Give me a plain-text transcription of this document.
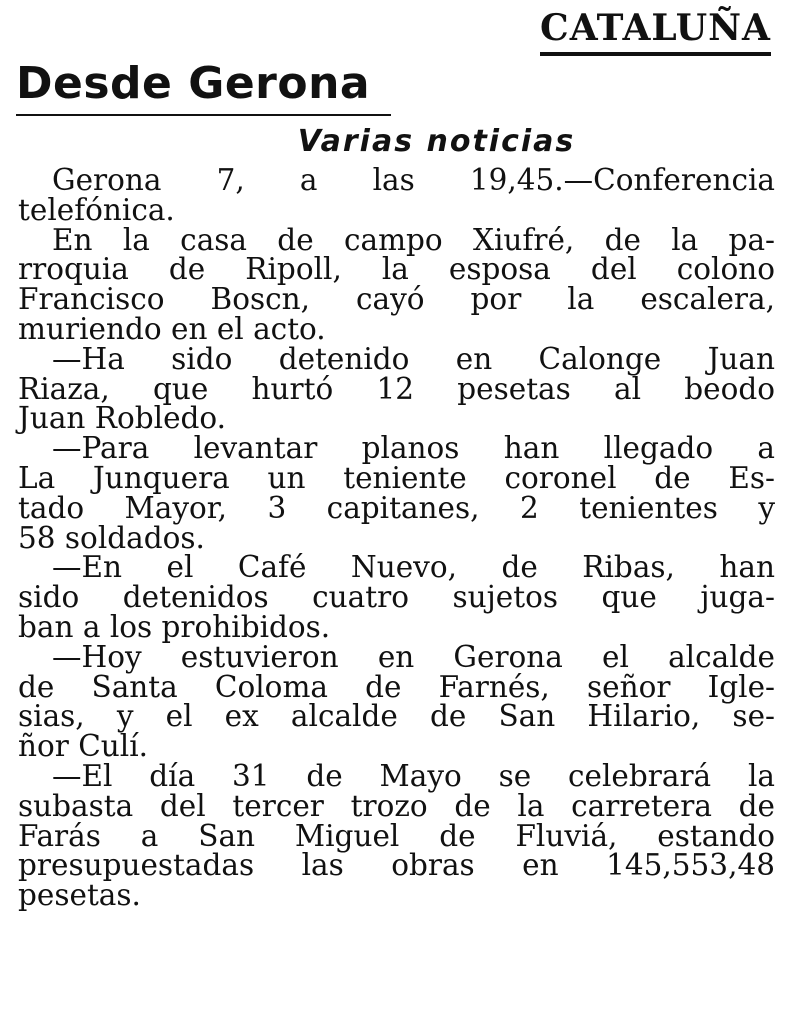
CATALUÑA
Desde Gerona
Varias noticias

Gerona 7, a las 19,45.—Conferencia
telefónica.

En la casa de campo Xiufré, de la pa-
rroquia de Ripoll, la esposa del colono
Francisco Boscn, cayó por la escalera,
muriendo en el acto.

—Ha sido detenido en Calonge Juan
Riaza, que hurtó 12 pesetas al beodo
Juan Robledo.

—Para levantar planos han llegado a
La Junquera un teniente coronel de Es-
tado Mayor, 3 capitanes, 2 tenientes y
58 soldados.

—En el Café Nuevo, de Ribas, han
sido detenidos cuatro sujetos que juga-
ban a los prohibidos.

—Hoy estuvieron en Gerona el alcalde
de Santa Coloma de Farnés, señor Igle-
sias, y el ex alcalde de San Hilario, se-
ñor Culí.

—El día 31 de Mayo se celebrará la
subasta del tercer trozo de la carretera de
Farás a San Miguel de Fluviá, estando
presupuestadas las obras en 145,553,48
pesetas.
